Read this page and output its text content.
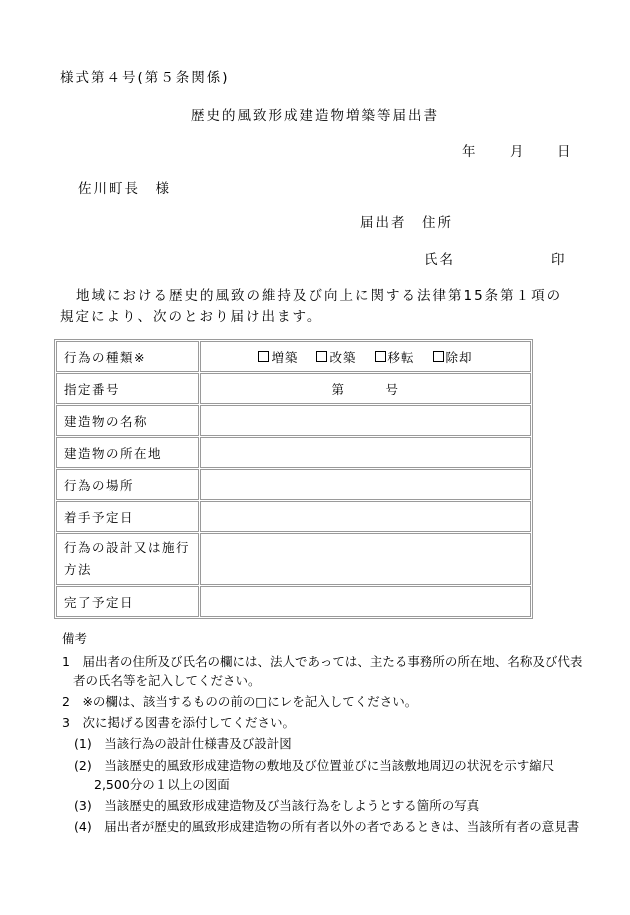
様式第４号(第５条関係)
歴史的風致形成建造物増築等届出書
年	月 日
佐川町長　様
届出者 住所
氏名	印
地域における歴史的風致の維持及び向上に関する法律第15条第１項の
規定により、次のとおり届け出ます。
行為の種類※	増築 改築 移転 除却

指定番号	第 号
建造物の名称	
建造物の所在地	
行為の場所	
着手予定日	

行為の設計又は施行
方法	

完了予定日	
備考
1　届出者の住所及び氏名の欄には、法人であっては、主たる事務所の所在地、名称及び代表
者の氏名等を記入してください。
2　※の欄は、該当するものの前の□にレを記入してください。
3　次に掲げる図書を添付してください。
(1)　当該行為の設計仕様書及び設計図
(2)　当該歴史的風致形成建造物の敷地及び位置並びに当該敷地周辺の状況を示す縮尺
2,500分の１以上の図面
(3)　当該歴史的風致形成建造物及び当該行為をしようとする箇所の写真
(4)　届出者が歴史的風致形成建造物の所有者以外の者であるときは、当該所有者の意見書
